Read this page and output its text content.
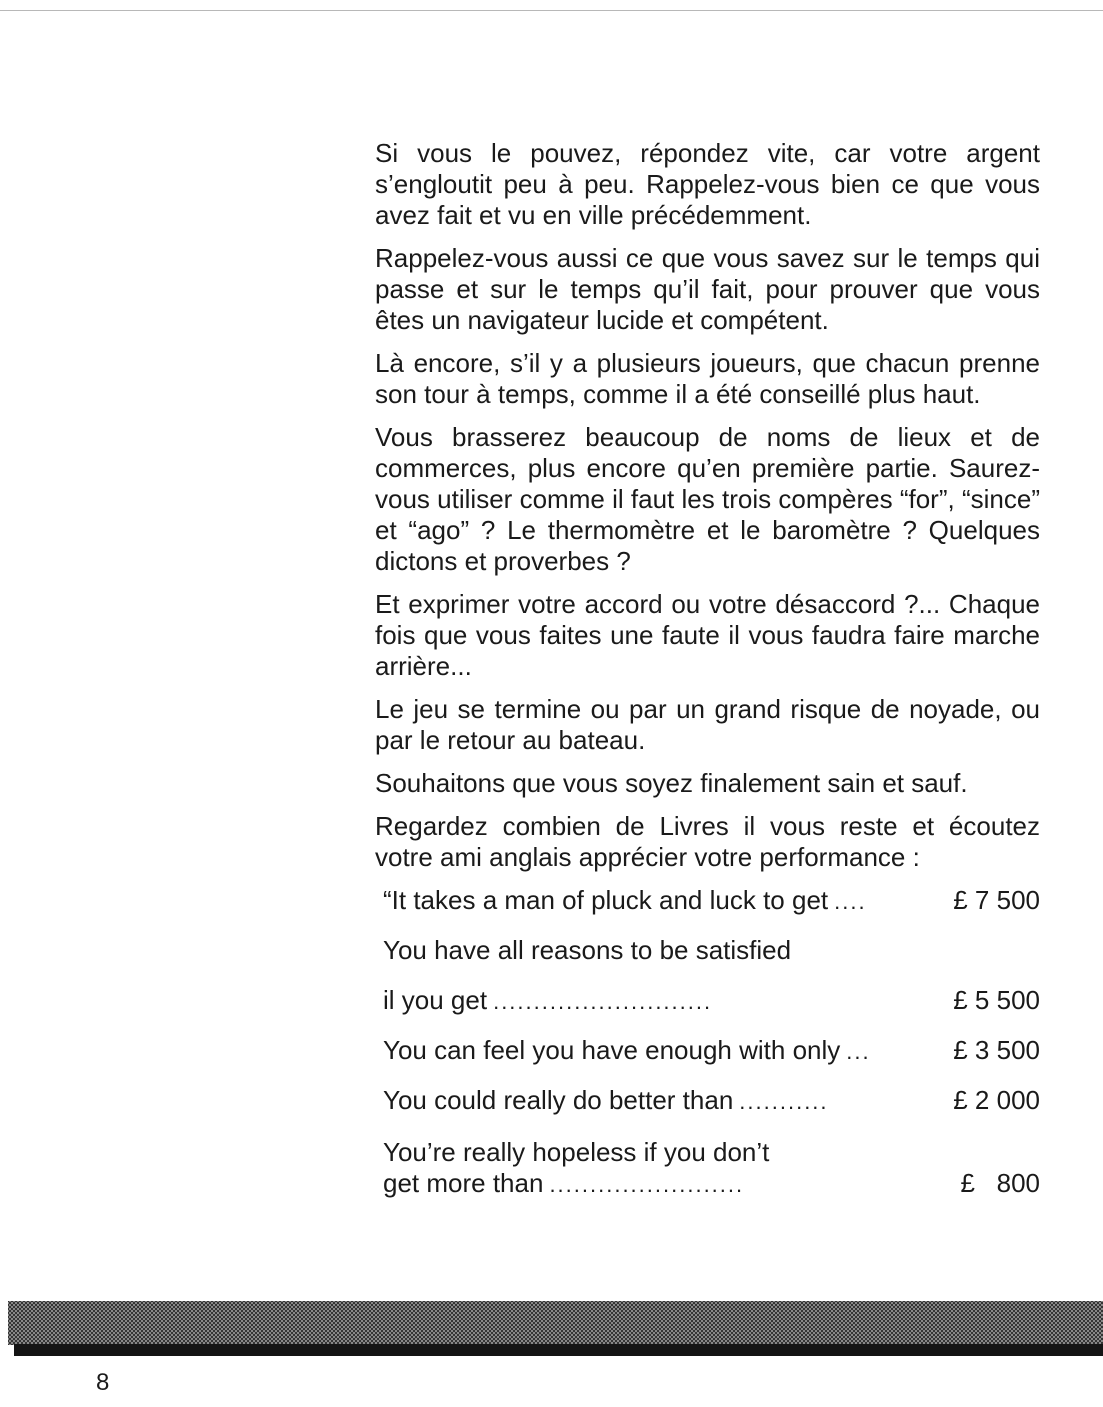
Si vous le pouvez, répondez vite, car votre argent s’engloutit peu à peu. Rappelez-vous bien ce que vous avez fait et vu en ville précédemment.

Rappelez-vous aussi ce que vous savez sur le temps qui passe et sur le temps qu’il fait, pour prouver que vous êtes un navigateur lucide et compétent.

Là encore, s’il y a plusieurs joueurs, que chacun prenne son tour à temps, comme il a été conseillé plus haut.

Vous brasserez beaucoup de noms de lieux et de commerces, plus encore qu’en première partie. Saurez-vous utiliser comme il faut les trois compères “for”, “since” et “ago” ? Le thermomètre et le baromètre ? Quelques dictons et proverbes ?

Et exprimer votre accord ou votre désaccord ?... Chaque fois que vous faites une faute il vous faudra faire marche arrière...

Le jeu se termine ou par un grand risque de noyade, ou par le retour au bateau.

Souhaitons que vous soyez finalement sain et sauf.

Regardez combien de Livres il vous reste et écoutez votre ami anglais apprécier votre performance :

“It takes a man of pluck and luck to get ....	£ 7 500
You have all reasons to be satisfied
il you get ...........................	£ 5 500
You can feel you have enough with only ...	£ 3 500
You could really do better than ...........	£ 2 000
You’re really hopeless if you don’t
get more than ........................	£   800
8
